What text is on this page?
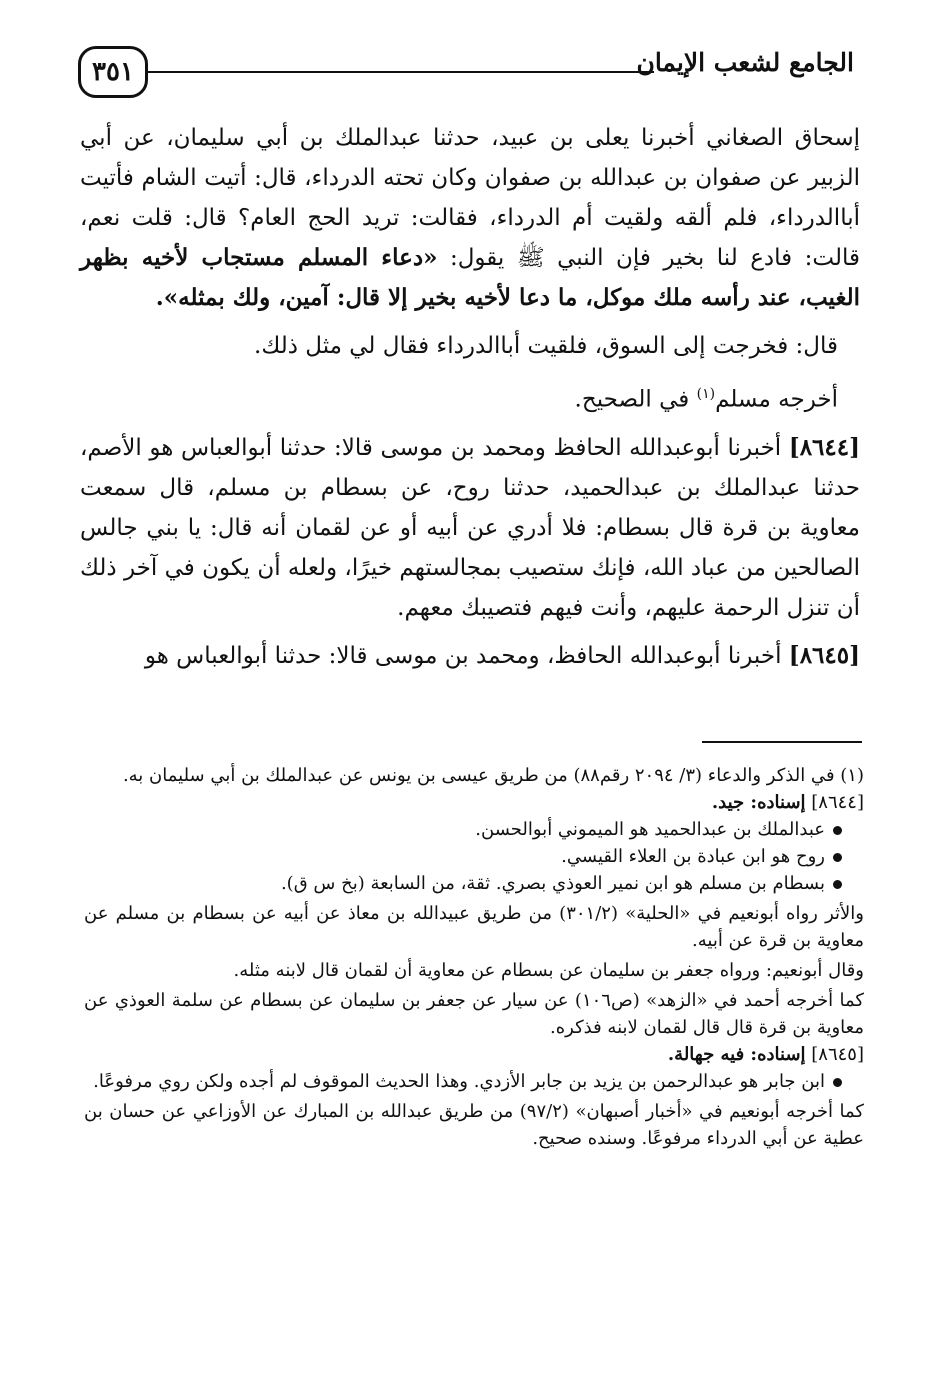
٣٥١	الجامع لشعب الإيمان

إسحاق الصغاني أخبرنا يعلى بن عبيد، حدثنا عبدالملك بن أبي سليمان، عن أبي الزبير عن صفوان بن عبدالله بن صفوان وكان تحته الدرداء، قال: أتيت الشام فأتيت أباالدرداء، فلم ألقه ولقيت أم الدرداء، فقالت: تريد الحج العام؟ قال: قلت نعم، قالت: فادع لنا بخير فإن النبي ﷺ يقول: «دعاء المسلم مستجاب لأخيه بظهر الغيب، عند رأسه ملك موكل، ما دعا لأخيه بخير إلا قال: آمين، ولك بمثله».

قال: فخرجت إلى السوق، فلقيت أباالدرداء فقال لي مثل ذلك.

أخرجه مسلم$^{(١)}$ في الصحيح.

[٨٦٤٤] أخبرنا أبوعبدالله الحافظ ومحمد بن موسى قالا: حدثنا أبوالعباس هو الأصم، حدثنا عبدالملك بن عبدالحميد، حدثنا روح، عن بسطام بن مسلم، قال سمعت معاوية بن قرة قال بسطام: فلا أدري عن أبيه أو عن لقمان أنه قال: يا بني جالس الصالحين من عباد الله، فإنك ستصيب بمجالستهم خيرًا، ولعله أن يكون في آخر ذلك أن تنزل الرحمة عليهم، وأنت فيهم فتصيبك معهم.

[٨٦٤٥] أخبرنا أبوعبدالله الحافظ، ومحمد بن موسى قالا: حدثنا أبوالعباس هو

(١) في الذكر والدعاء (٣/ ٢٠٩٤ رقم٨٨) من طريق عيسى بن يونس عن عبدالملك بن أبي سليمان به.

[٨٦٤٤] إسناده: جيد.

عبدالملك بن عبدالحميد هو الميموني أبوالحسن.

روح هو ابن عبادة بن العلاء القيسي.

بسطام بن مسلم هو ابن نمير العوذي بصري. ثقة، من السابعة (بخ س ق).

والأثر رواه أبونعيم في «الحلية» (٣٠١/٢) من طريق عبيدالله بن معاذ عن أبيه عن بسطام بن مسلم عن معاوية بن قرة عن أبيه.

وقال أبونعيم: ورواه جعفر بن سليمان عن بسطام عن معاوية أن لقمان قال لابنه مثله.

كما أخرجه أحمد في «الزهد» (ص١٠٦) عن سيار عن جعفر بن سليمان عن بسطام عن سلمة العوذي عن معاوية بن قرة قال قال لقمان لابنه فذكره.

[٨٦٤٥] إسناده: فيه جهالة.

ابن جابر هو عبدالرحمن بن يزيد بن جابر الأزدي. وهذا الحديث الموقوف لم أجده ولكن روي مرفوعًا.

كما أخرجه أبونعيم في «أخبار أصبهان» (٩٧/٢) من طريق عبدالله بن المبارك عن الأوزاعي عن حسان بن عطية عن أبي الدرداء مرفوعًا. وسنده صحيح.
